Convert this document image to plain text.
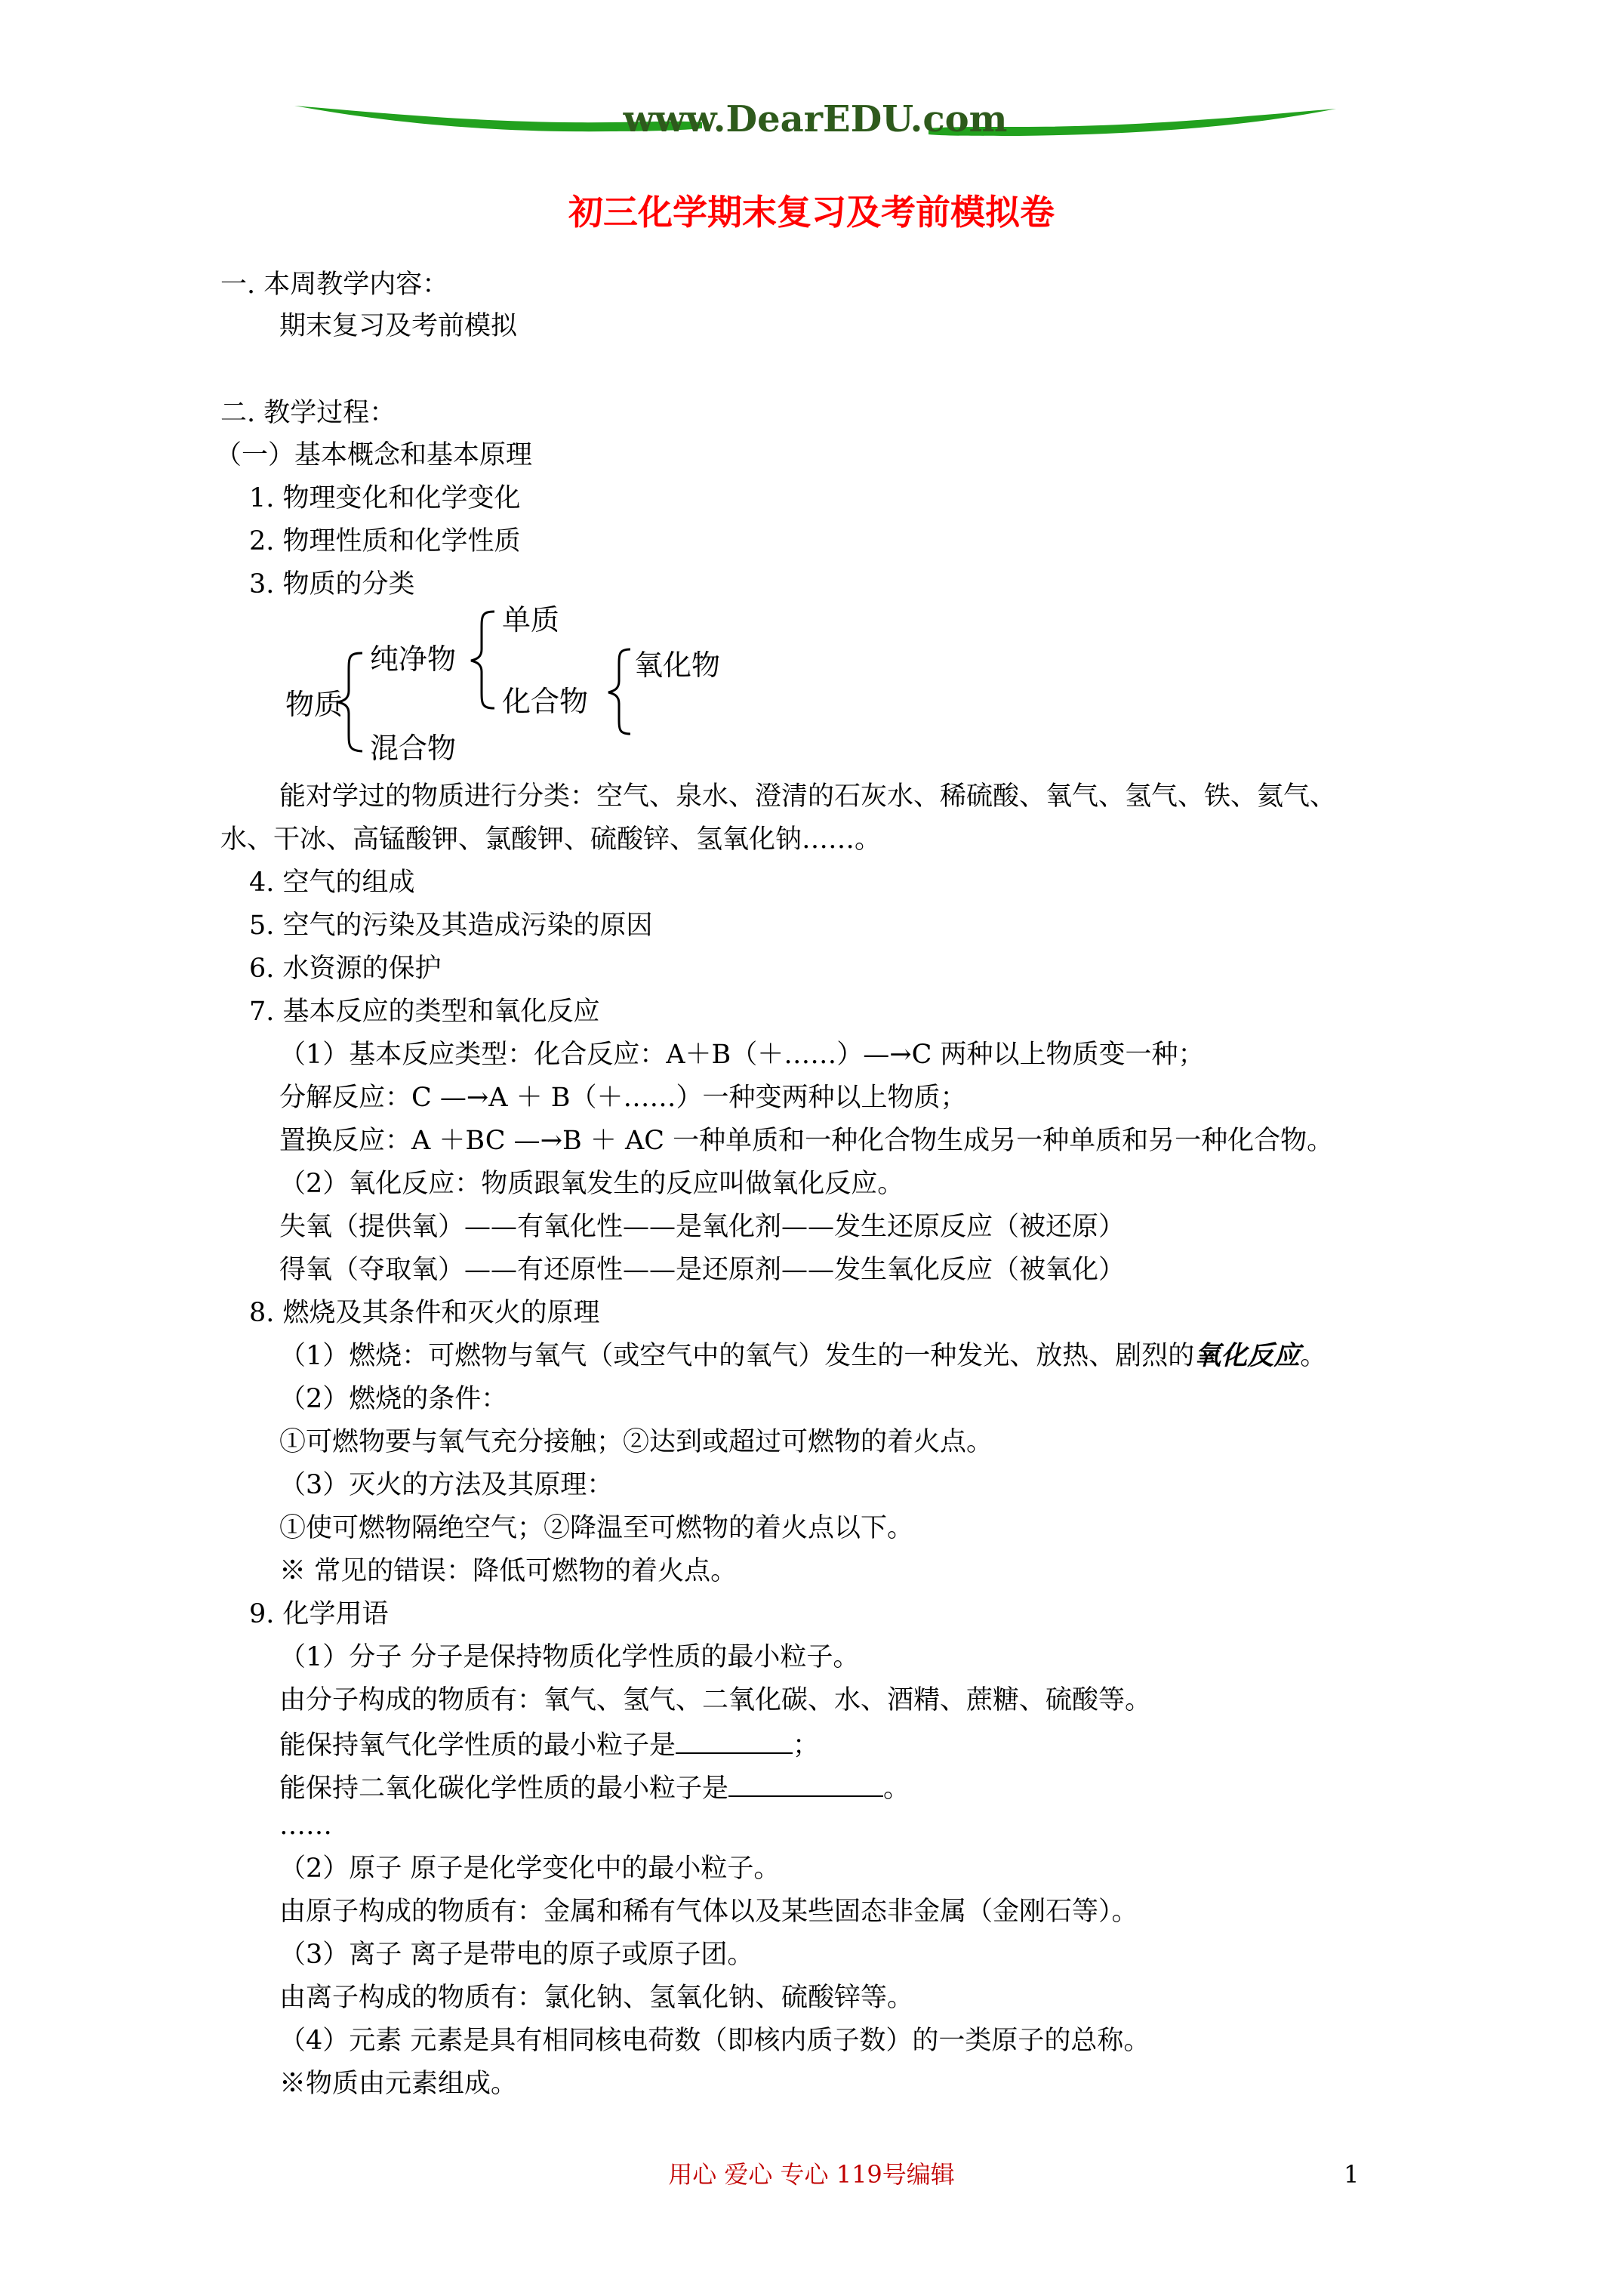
www.DearEDU.com
初三化学期末复习及考前模拟卷
一. 本周教学内容：
期末复习及考前模拟
二. 教学过程：
（一）基本概念和基本原理
1. 物理变化和化学变化
2. 物理性质和化学性质
3. 物质的分类
物质
纯净物
混合物
单质
化合物
氧化物
能对学过的物质进行分类：空气、泉水、澄清的石灰水、稀硫酸、氧气、氢气、铁、氦气、
水、干冰、高锰酸钾、氯酸钾、硫酸锌、氢氧化钠……。
4. 空气的组成
5. 空气的污染及其造成污染的原因
6. 水资源的保护
7. 基本反应的类型和氧化反应
（1）基本反应类型：化合反应：A＋B（＋……）—→C 两种以上物质变一种；
分解反应：C —→A ＋ B（＋……）一种变两种以上物质；
置换反应：A ＋BC —→B ＋ AC 一种单质和一种化合物生成另一种单质和另一种化合物。
（2）氧化反应：物质跟氧发生的反应叫做氧化反应。
失氧（提供氧）——有氧化性——是氧化剂——发生还原反应（被还原）
得氧（夺取氧）——有还原性——是还原剂——发生氧化反应（被氧化）
8. 燃烧及其条件和灭火的原理
（1）燃烧：可燃物与氧气（或空气中的氧气）发生的一种发光、放热、剧烈的氧化反应。
（2）燃烧的条件：
①可燃物要与氧气充分接触；②达到或超过可燃物的着火点。
（3）灭火的方法及其原理：
①使可燃物隔绝空气；②降温至可燃物的着火点以下。
※ 常见的错误：降低可燃物的着火点。
9. 化学用语
（1）分子 分子是保持物质化学性质的最小粒子。
由分子构成的物质有：氧气、氢气、二氧化碳、水、酒精、蔗糖、硫酸等。
能保持氧气化学性质的最小粒子是	；
能保持二氧化碳化学性质的最小粒子是	。
……
（2）原子 原子是化学变化中的最小粒子。
由原子构成的物质有：金属和稀有气体以及某些固态非金属（金刚石等）。
（3）离子 离子是带电的原子或原子团。
由离子构成的物质有：氯化钠、氢氧化钠、硫酸锌等。
（4）元素 元素是具有相同核电荷数（即核内质子数）的一类原子的总称。
※物质由元素组成。
用心 爱心 专心 119号编辑	1
